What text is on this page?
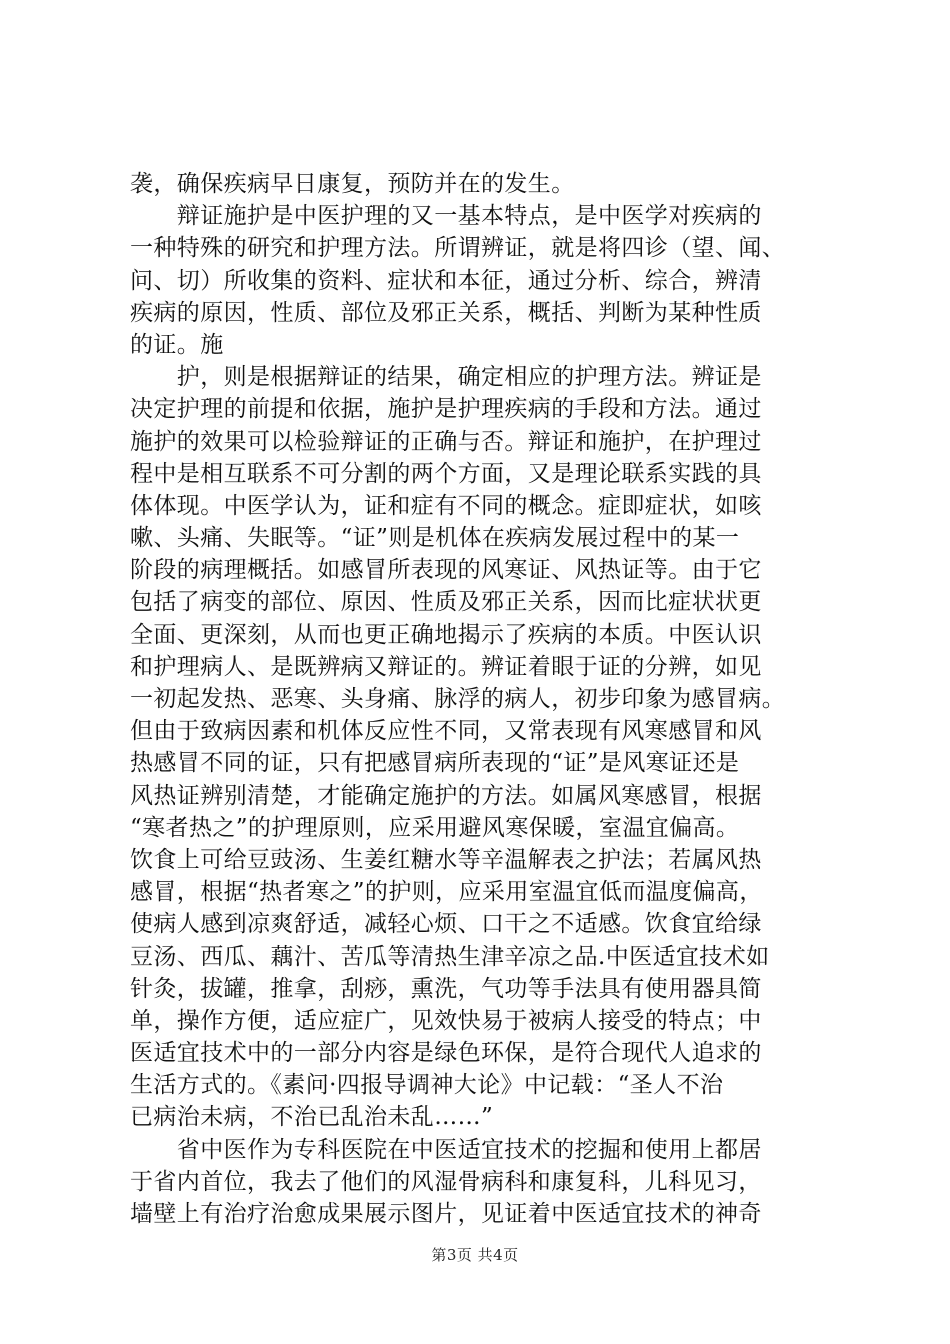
袭，确保疾病早日康复，预防并在的发生。
　　辩证施护是中医护理的又一基本特点，是中医学对疾病的
一种特殊的研究和护理方法。所谓辨证，就是将四诊（望、闻、
问、切）所收集的资料、症状和本征，通过分析、综合，辨清
疾病的原因，性质、部位及邪正关系，概括、判断为某种性质
的证。施
　　护，则是根据辩证的结果，确定相应的护理方法。辨证是
决定护理的前提和依据，施护是护理疾病的手段和方法。通过
施护的效果可以检验辩证的正确与否。辩证和施护，在护理过
程中是相互联系不可分割的两个方面，又是理论联系实践的具
体体现。中医学认为，证和症有不同的概念。症即症状，如咳
嗽、头痛、失眠等。“证”则是机体在疾病发展过程中的某一
阶段的病理概括。如感冒所表现的风寒证、风热证等。由于它
包括了病变的部位、原因、性质及邪正关系，因而比症状状更
全面、更深刻，从而也更正确地揭示了疾病的本质。中医认识
和护理病人、是既辨病又辩证的。辨证着眼于证的分辨，如见
一初起发热、恶寒、头身痛、脉浮的病人，初步印象为感冒病。
但由于致病因素和机体反应性不同，又常表现有风寒感冒和风
热感冒不同的证，只有把感冒病所表现的“证”是风寒证还是
风热证辨别清楚，才能确定施护的方法。如属风寒感冒，根据
“寒者热之”的护理原则，应采用避风寒保暖，室温宜偏高。
饮食上可给豆豉汤、生姜红糖水等辛温解表之护法；若属风热
感冒，根据“热者寒之”的护则，应采用室温宜低而温度偏高，
使病人感到凉爽舒适，减轻心烦、口干之不适感。饮食宜给绿
豆汤、西瓜、藕汁、苦瓜等清热生津辛凉之品.中医适宜技术如
针灸，拔罐，推拿，刮痧，熏洗，气功等手法具有使用器具简
单，操作方便，适应症广，见效快易于被病人接受的特点；中
医适宜技术中的一部分内容是绿色环保，是符合现代人追求的
生活方式的。《素问·四报导调神大论》中记载：“圣人不治
已病治未病，不治已乱治未乱……”
　　省中医作为专科医院在中医适宜技术的挖掘和使用上都居
于省内首位，我去了他们的风湿骨病科和康复科，儿科见习，
墙壁上有治疗治愈成果展示图片，见证着中医适宜技术的神奇
第3页 共4页
